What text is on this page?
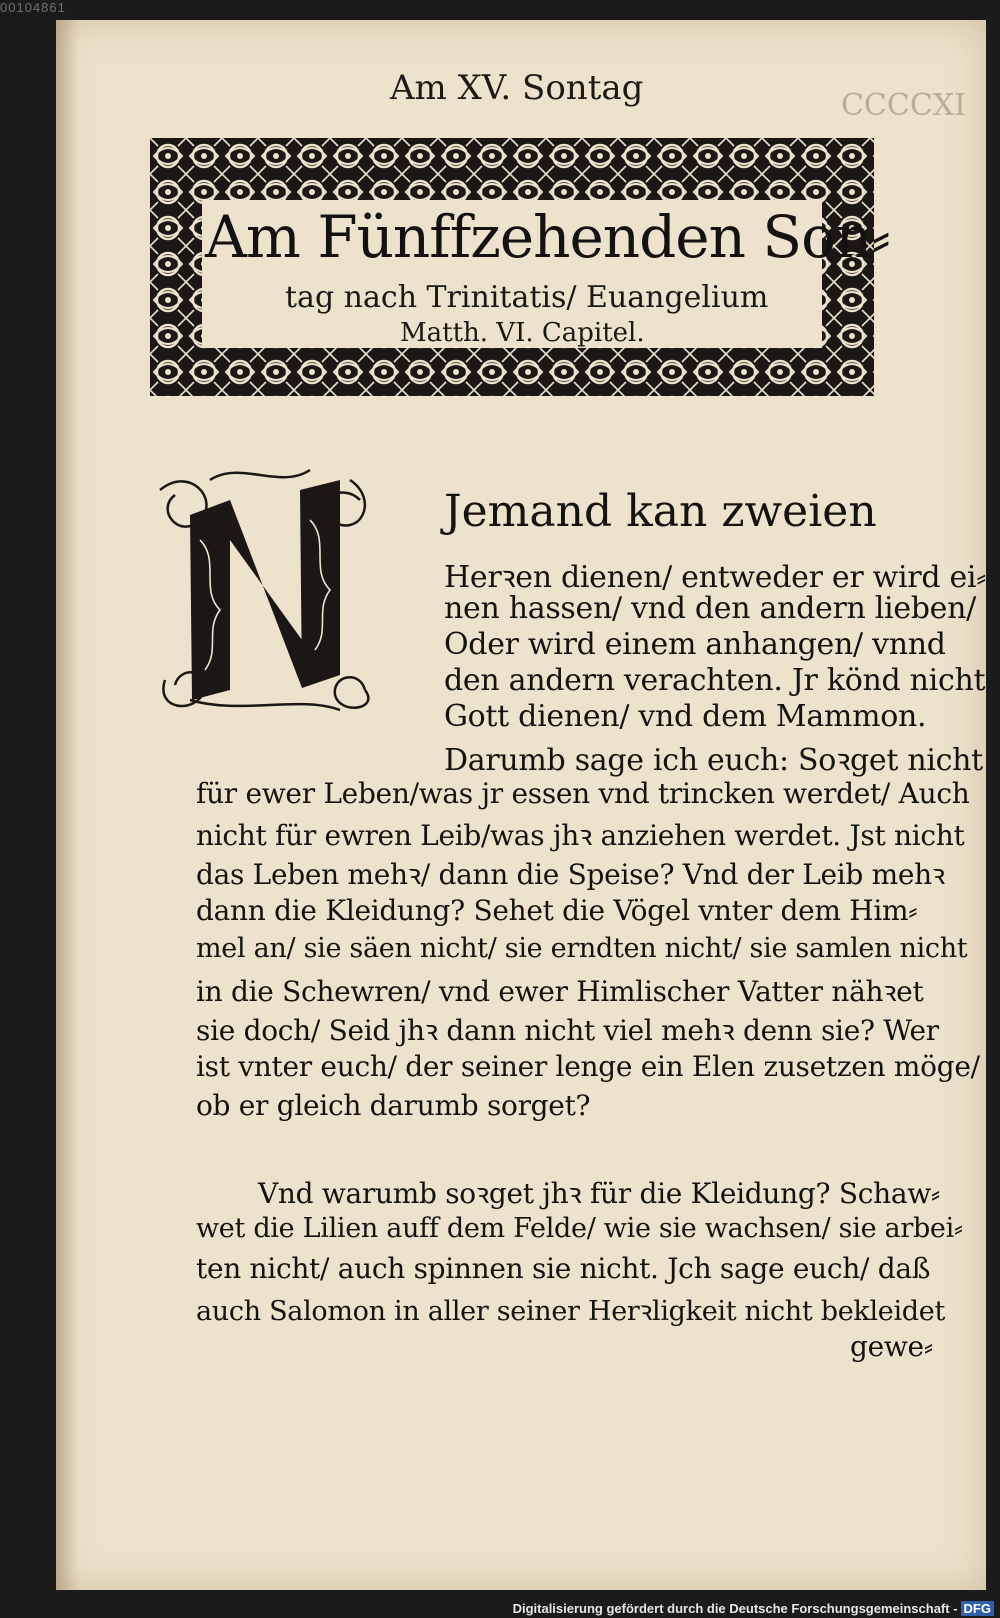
00104861
CCCCXI
Am XV. Sontag
Am Fünffzehenden Son⸗
tag nach Trinitatis/ Euangelium
Matth. VI. Capitel.
Jemand kan zweien
Herꝛen dienen/ entweder er wird ei⸗
nen hassen/ vnd den andern lieben/
Oder wird einem anhangen/ vnnd
den andern verachten. Jr könd nicht
Gott dienen/ vnd dem Mammon.
Darumb sage ich euch: Soꝛget nicht
für ewer Leben/was jr essen vnd trincken werdet/ Auch
nicht für ewren Leib/was jhꝛ anziehen werdet. Jst nicht
das Leben mehꝛ/ dann die Speise? Vnd der Leib mehꝛ
dann die Kleidung? Sehet die Vögel vnter dem Him⸗
mel an/ sie säen nicht/ sie erndten nicht/ sie samlen nicht
in die Schewren/ vnd ewer Himlischer Vatter nähꝛet
sie doch/ Seid jhꝛ dann nicht viel mehꝛ denn sie? Wer
ist vnter euch/ der seiner lenge ein Elen zusetzen möge/
ob er gleich darumb sorget?
Vnd warumb soꝛget jhꝛ für die Kleidung? Schaw⸗
wet die Lilien auff dem Felde/ wie sie wachsen/ sie arbei⸗
ten nicht/ auch spinnen sie nicht. Jch sage euch/ daß
auch Salomon in aller seiner Herꝛligkeit nicht bekleidet
gewe⸗
Digitalisierung gefördert durch die Deutsche Forschungsgemeinschaft - DFG
